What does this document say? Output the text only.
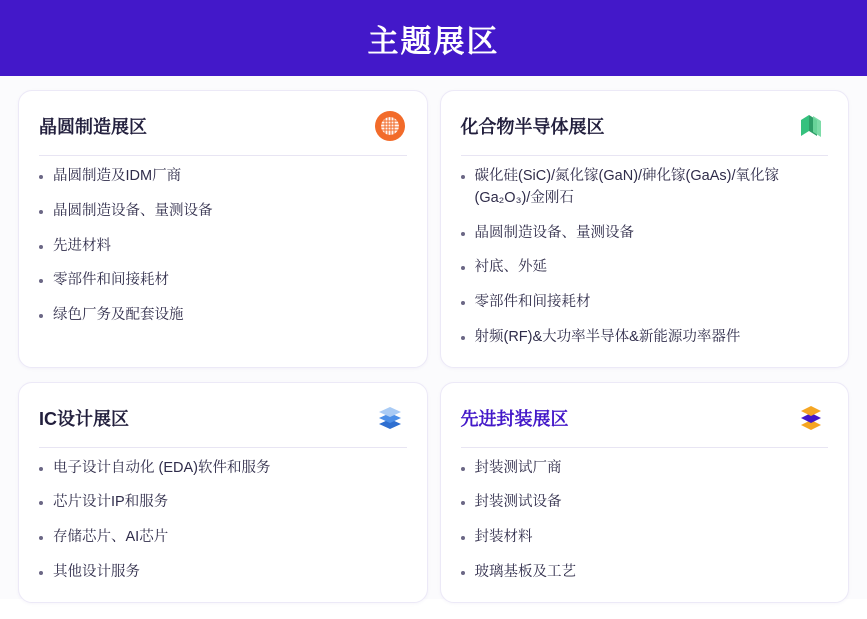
主题展区
晶圆制造展区
晶圆制造及IDM厂商
晶圆制造设备、量测设备
先进材料
零部件和间接耗材
绿色厂务及配套设施
化合物半导体展区
碳化硅(SiC)/氮化镓(GaN)/砷化镓(GaAs)/氧化镓 (Ga₂O₃)/金刚石
晶圆制造设备、量测设备
衬底、外延
零部件和间接耗材
射频(RF)&大功率半导体&新能源功率器件
IC设计展区
电子设计自动化 (EDA)软件和服务
芯片设计IP和服务
存储芯片、AI芯片
其他设计服务
先进封装展区
封装测试厂商
封装测试设备
封装材料
玻璃基板及工艺
